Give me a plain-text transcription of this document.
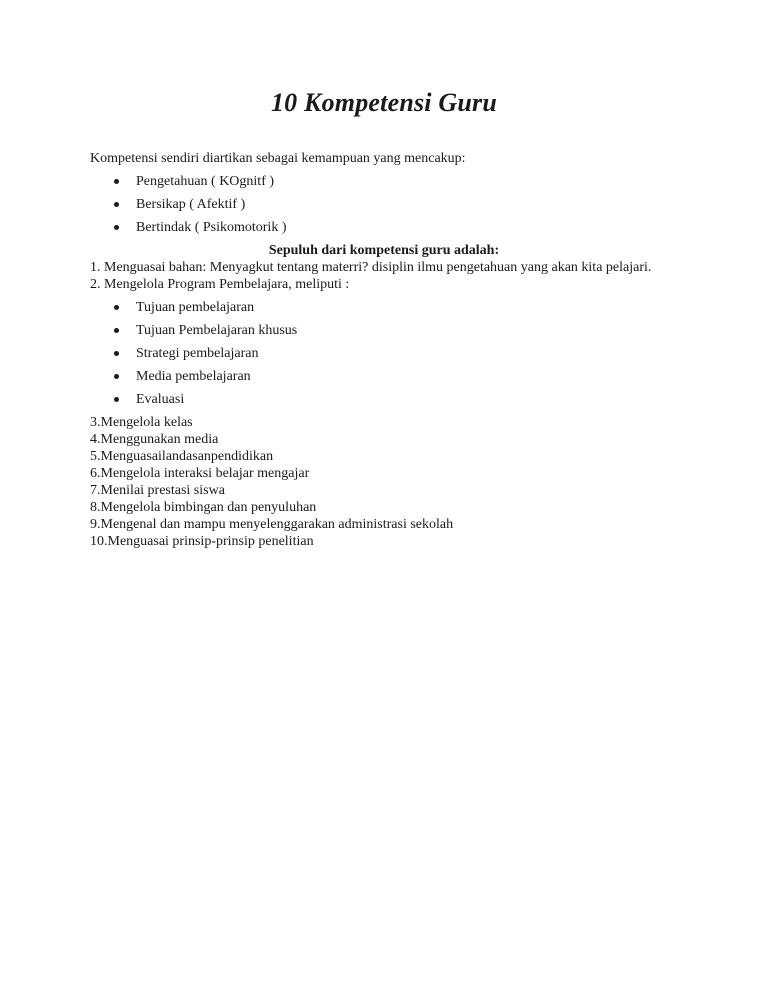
10 Kompetensi Guru

Kompetensi sendiri diartikan sebagai kemampuan yang mencakup:

Pengetahuan ( KOgnitf )
Bersikap ( Afektif )
Bertindak ( Psikomotorik )

Sepuluh dari kompetensi guru adalah:

1. Menguasai bahan: Menyagkut tentang materri? disiplin ilmu pengetahuan yang akan kita pelajari.

2. Mengelola Program Pembelajara, meliputi :

Tujuan pembelajaran
Tujuan Pembelajaran khusus
Strategi pembelajaran
Media pembelajaran
Evaluasi

3.Mengelola kelas

4.Menggunakan media

5.Menguasailandasanpendidikan

6.Mengelola interaksi belajar mengajar

7.Menilai prestasi siswa

8.Mengelola bimbingan dan penyuluhan

9.Mengenal dan mampu menyelenggarakan administrasi sekolah

10.Menguasai prinsip-prinsip penelitian
